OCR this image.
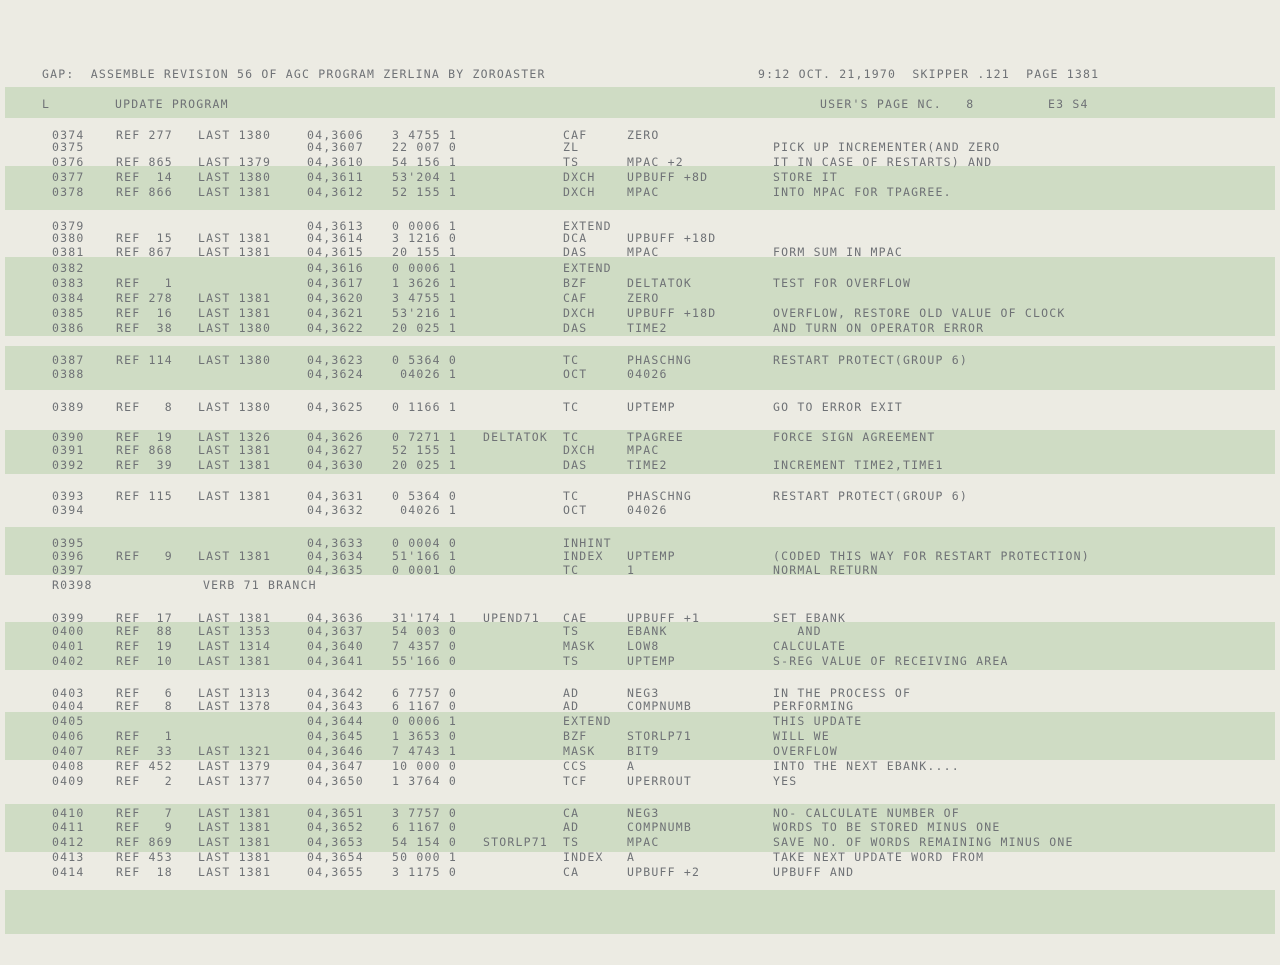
GAP:  ASSEMBLE REVISION 56 OF AGC PROGRAM ZERLINA BY ZOROASTER	9:12 OCT. 21,1970  SKIPPER .121  PAGE 1381
L	UPDATE PROGRAM	USER'S PAGE NC.   8	E3 S4
0374	REF 277 LAST 1380	04,3606 3 4755 1	CAF	ZERO
0375	04,3607 22 007 0	ZL	PICK UP INCREMENTER(AND ZERO
0376	REF 865 LAST 1379	04,3610 54 156 1	TS	MPAC +2	IT IN CASE OF RESTARTS) AND
0377	REF  14 LAST 1380	04,3611 53'204 1	DXCH	UPBUFF +8D	STORE IT
0378	REF 866 LAST 1381	04,3612 52 155 1	DXCH	MPAC	INTO MPAC FOR TPAGREE.
0379	04,3613 0 0006 1	EXTEND
0380	REF  15 LAST 1381	04,3614 3 1216 0	DCA	UPBUFF +18D
0381	REF 867 LAST 1381	04,3615 20 155 1	DAS	MPAC	FORM SUM IN MPAC
0382	04,3616 0 0006 1	EXTEND
0383	REF   1	04,3617 1 3626 1	BZF	DELTATOK	TEST FOR OVERFLOW
0384	REF 278 LAST 1381	04,3620 3 4755 1	CAF	ZERO
0385	REF  16 LAST 1381	04,3621 53'216 1	DXCH	UPBUFF +18D	OVERFLOW, RESTORE OLD VALUE OF CLOCK
0386	REF  38 LAST 1380	04,3622 20 025 1	DAS	TIME2	AND TURN ON OPERATOR ERROR
0387	REF 114 LAST 1380	04,3623 0 5364 0	TC	PHASCHNG	RESTART PROTECT(GROUP 6)
0388	04,3624 04026 1	OCT	04026
0389	REF   8 LAST 1380	04,3625 0 1166 1	TC	UPTEMP	GO TO ERROR EXIT
0390	REF  19 LAST 1326	04,3626 0 7271 1 DELTATOK TC	TPAGREE	FORCE SIGN AGREEMENT
0391	REF 868 LAST 1381	04,3627 52 155 1	DXCH	MPAC
0392	REF  39 LAST 1381	04,3630 20 025 1	DAS	TIME2	INCREMENT TIME2,TIME1
0393	REF 115 LAST 1381	04,3631 0 5364 0	TC	PHASCHNG	RESTART PROTECT(GROUP 6)
0394	04,3632 04026 1	OCT	04026
0395	04,3633 0 0004 0	INHINT
0396	REF   9 LAST 1381	04,3634 51'166 1	INDEX UPTEMP	(CODED THIS WAY FOR RESTART PROTECTION)
0397	04,3635 0 0001 0	TC	1	NORMAL RETURN
R0398	VERB 71 BRANCH
0399	REF  17 LAST 1381	04,3636 31'174 1 UPEND71 CAE	UPBUFF +1	SET EBANK
0400	REF  88 LAST 1353	04,3637 54 003 0	TS	EBANK	AND
0401	REF  19 LAST 1314	04,3640 7 4357 0	MASK	LOW8	CALCULATE
0402	REF  10 LAST 1381	04,3641 55'166 0	TS	UPTEMP	S-REG VALUE OF RECEIVING AREA
0403	REF   6 LAST 1313	04,3642 6 7757 0	AD	NEG3	IN THE PROCESS OF
0404	REF   8 LAST 1378	04,3643 6 1167 0	AD	COMPNUMB	PERFORMING
0405	04,3644 0 0006 1	EXTEND	THIS UPDATE
0406	REF   1	04,3645 1 3653 0	BZF	STORLP71	WILL WE
0407	REF  33 LAST 1321	04,3646 7 4743 1	MASK	BIT9	OVERFLOW
0408	REF 452 LAST 1379	04,3647 10 000 0	CCS	A	INTO THE NEXT EBANK....
0409	REF   2 LAST 1377	04,3650 1 3764 0	TCF	UPERROUT	YES
0410	REF   7 LAST 1381	04,3651 3 7757 0	CA	NEG3	NO- CALCULATE NUMBER OF
0411	REF   9 LAST 1381	04,3652 6 1167 0	AD	COMPNUMB	WORDS TO BE STORED MINUS ONE
0412	REF 869 LAST 1381	04,3653 54 154 0 STORLP71 TS	MPAC	SAVE NO. OF WORDS REMAINING MINUS ONE
0413	REF 453 LAST 1381	04,3654 50 000 1	INDEX A	TAKE NEXT UPDATE WORD FROM
0414	REF  18 LAST 1381	04,3655 3 1175 0	CA	UPBUFF +2	UPBUFF AND
